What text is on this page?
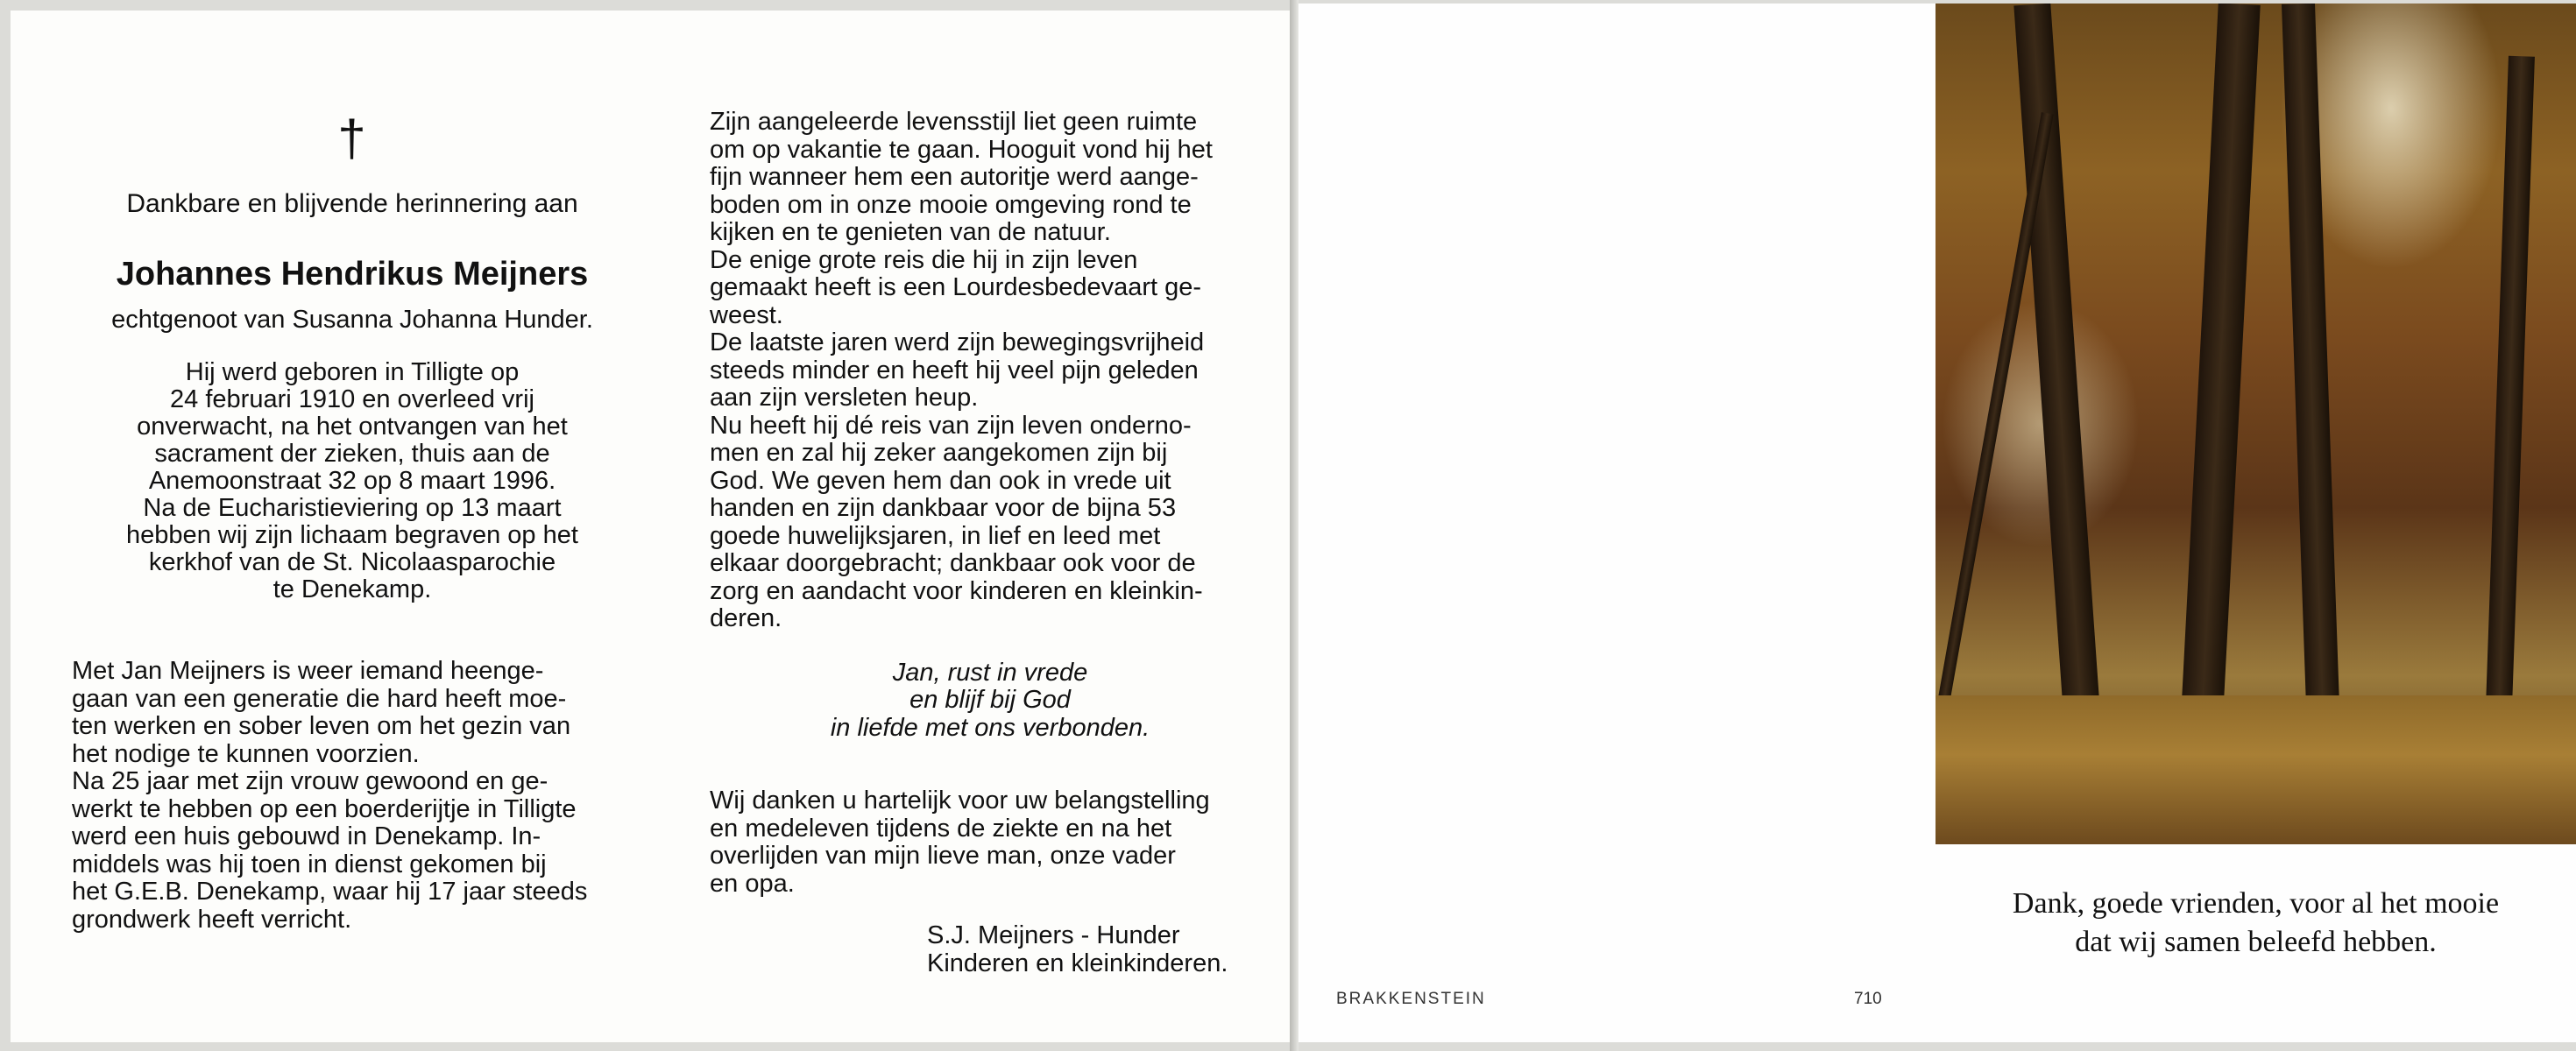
†
Dankbare en blijvende herinnering aan
Johannes Hendrikus Meijners
echtgenoot van Susanna Johanna Hunder.
Hij werd geboren in Tilligte op
24 februari 1910 en overleed vrij
onverwacht, na het ontvangen van het
sacrament der zieken, thuis aan de
Anemoonstraat 32 op 8 maart 1996.
Na de Eucharistieviering op 13 maart
hebben wij zijn lichaam begraven op het
kerkhof van de St. Nicolaasparochie
te Denekamp.
Met Jan Meijners is weer iemand heenge-
gaan van een generatie die hard heeft moe-
ten werken en sober leven om het gezin van
het nodige te kunnen voorzien.
Na 25 jaar met zijn vrouw gewoond en ge-
werkt te hebben op een boerderijtje in Tilligte
werd een huis gebouwd in Denekamp. In-
middels was hij toen in dienst gekomen bij
het G.E.B. Denekamp, waar hij 17 jaar steeds
grondwerk heeft verricht.
Zijn aangeleerde levensstijl liet geen ruimte
om op vakantie te gaan. Hooguit vond hij het
fijn wanneer hem een autoritje werd aange-
boden om in onze mooie omgeving rond te
kijken en te genieten van de natuur.
De enige grote reis die hij in zijn leven
gemaakt heeft is een Lourdesbedevaart ge-
weest.
De laatste jaren werd zijn bewegingsvrijheid
steeds minder en heeft hij veel pijn geleden
aan zijn versleten heup.
Nu heeft hij dé reis van zijn leven onderno-
men en zal hij zeker aangekomen zijn bij
God. We geven hem dan ook in vrede uit
handen en zijn dankbaar voor de bijna 53
goede huwelijksjaren, in lief en leed met
elkaar doorgebracht; dankbaar ook voor de
zorg en aandacht voor kinderen en kleinkin-
deren.
Jan, rust in vrede
en blijf bij God
in liefde met ons verbonden.
Wij danken u hartelijk voor uw belangstelling
en medeleven tijdens de ziekte en na het
overlijden van mijn lieve man, onze vader
en opa.
S.J. Meijners - Hunder
Kinderen en kleinkinderen.
Dank, goede vrienden, voor al het mooie
dat wij samen beleefd hebben.
BRAKKENSTEIN	710
